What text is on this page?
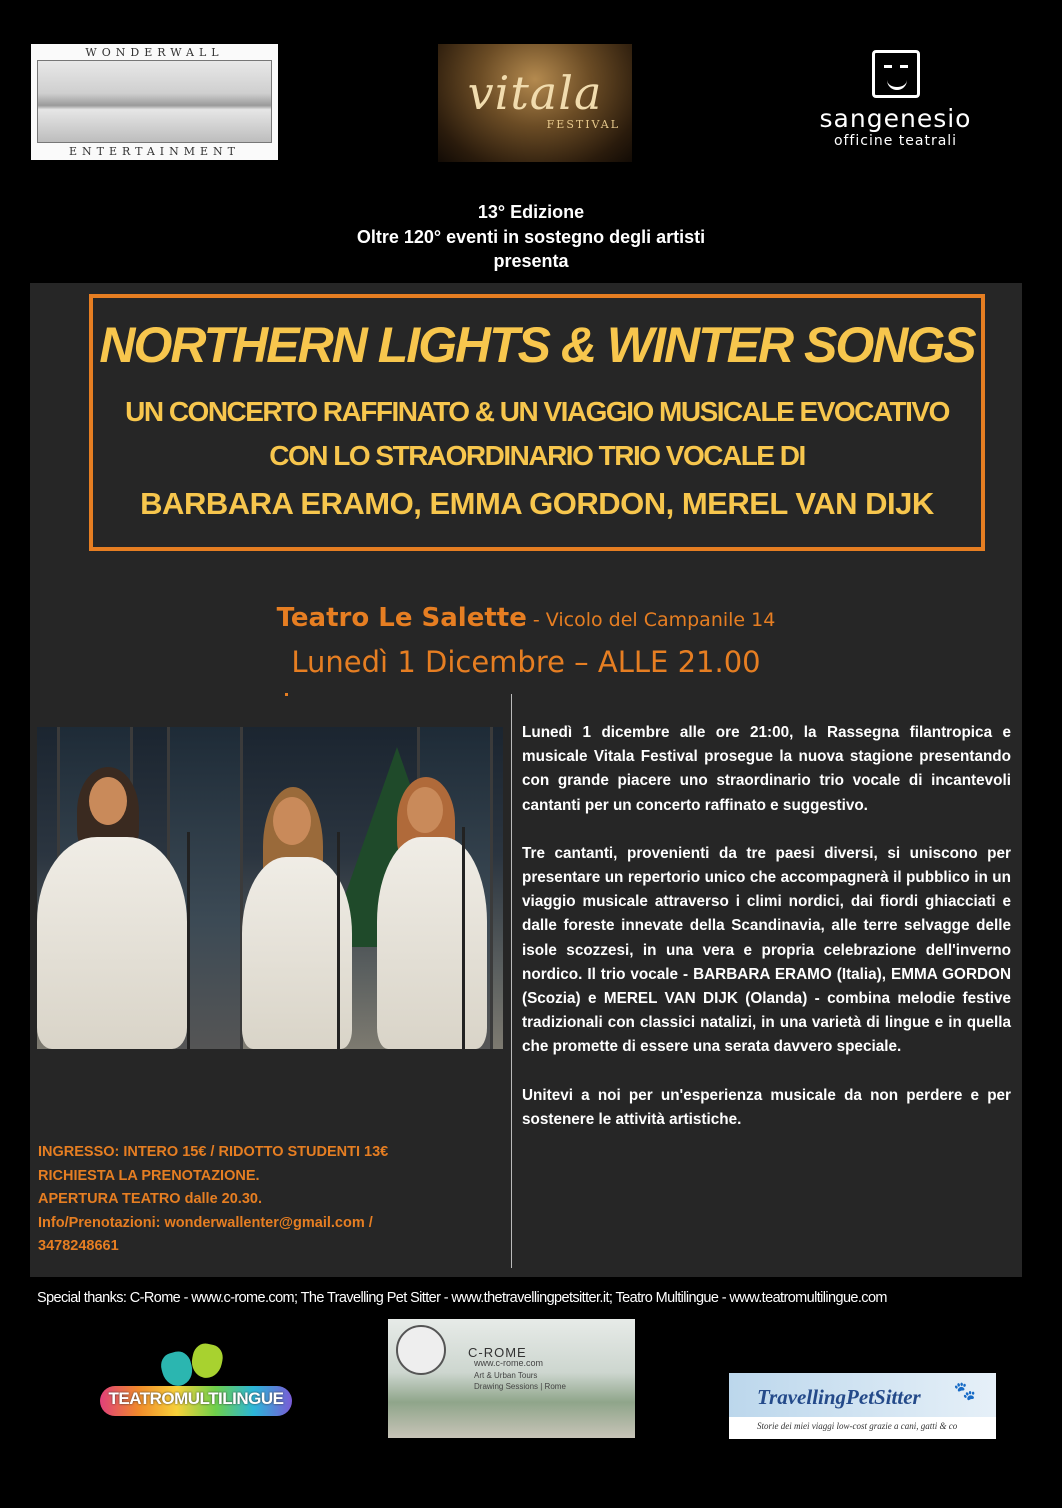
WONDERWALL
ENTERTAINMENT
vitala
FESTIVAL	sangenesio
officine teatrali
13° Edizione
Oltre 120° eventi in sostegno degli artisti
presenta
NORTHERN LIGHTS & WINTER SONGS
UN CONCERTO RAFFINATO & UN VIAGGIO MUSICALE EVOCATIVO
CON LO STRAORDINARIO TRIO VOCALE DI
BARBARA ERAMO, EMMA GORDON, MEREL VAN DIJK
Teatro Le Salette - Vicolo del Campanile 14
Lunedì 1 Dicembre – ALLE 21.00

Lunedì 1 dicembre alle ore 21:00, la Rassegna filantropica e musicale Vitala Festival prosegue la nuova stagione presentando con grande piacere uno straordinario trio vocale di incantevoli cantanti per un concerto raffinato e suggestivo.

Tre cantanti, provenienti da tre paesi diversi, si uniscono per presentare un repertorio unico che accompagnerà il pubblico in un viaggio musicale attraverso i climi nordici, dai fiordi ghiacciati e dalle foreste innevate della Scandinavia, alle terre selvagge delle isole scozzesi, in una vera e propria celebrazione dell'inverno nordico. Il trio vocale - BARBARA ERAMO (Italia), EMMA GORDON (Scozia) e MEREL VAN DIJK (Olanda) - combina melodie festive tradizionali con classici natalizi, in una varietà di lingue e in quella che promette di essere una serata davvero speciale.

Unitevi a noi per un'esperienza musicale da non perdere e per sostenere le attività artistiche.

INGRESSO: INTERO 15€ / RIDOTTO STUDENTI 13€
RICHIESTA LA PRENOTAZIONE.
APERTURA TEATRO dalle 20.30.
Info/Prenotazioni: wonderwallenter@gmail.com /
3478248661
Special thanks: C-Rome - www.c-rome.com; The Travelling Pet Sitter - www.thetravellingpetsitter.it; Teatro Multilingue - www.teatromultilingue.com
TEATROMULTILINGUE
C-ROME
www.c-rome.com
Art & Urban Tours
Drawing Sessions | Rome	TravellingPetSitter 🐾
Storie dei miei viaggi low-cost grazie a cani, gatti & co
